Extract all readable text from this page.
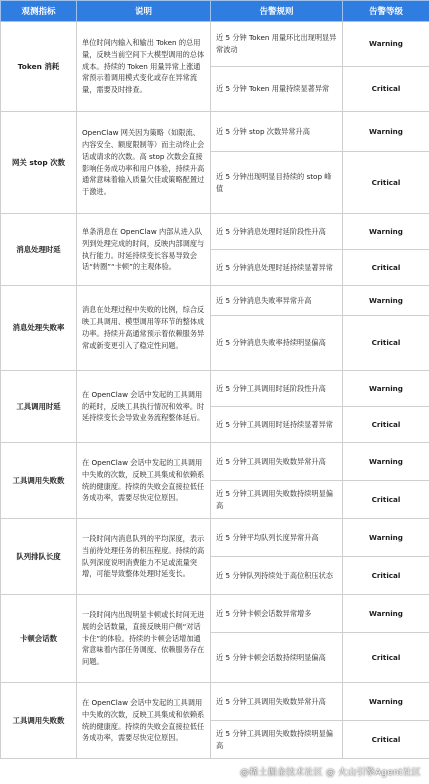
观测指标	说明	告警规则	告警等级
Token 消耗	单位时间内输入和输出 Token 的总用量，反映当前空间下大模型调用的总体成本。持续的 Token 用量异常上涨通常预示着调用模式变化或存在异常流量，需要及时排查。	近 5 分钟 Token 用量环比出现明显异常波动	Warning
		近 5 分钟 Token 用量持续显著异常	Critical
网关 stop 次数	OpenClaw 网关因为策略（如限流、内容安全、额度限制等）而主动终止会话或请求的次数。高 stop 次数会直接影响任务成功率和用户体验，持续升高通常意味着输入质量欠佳或策略配置过于激进。	近 5 分钟 stop 次数异常升高	Warning
		近 5 分钟出现明显目持续的 stop 峰值	Critical
消息处理时延	单条消息在 OpenClaw 内部从进入队列到处理完成的时间，反映内部调度与执行能力。时延持续变长容易导致会话“转圈”“卡顿”的主观体验。	近 5 分钟消息处理时延阶段性升高	Warning
		近 5 分钟消息处理时延持续显著异常	Critical
消息处理失败率	消息在处理过程中失败的比例，综合反映工具调用、模型调用等环节的整体成功率。持续升高通常预示着依赖服务异常或新变更引入了稳定性问题。	近 5 分钟消息失败率异常升高	Warning
		近 5 分钟消息失败率持续明显偏高	Critical
工具调用时延	在 OpenClaw 会话中发起的工具调用的耗时，反映工具执行情况和效率。时延持续变长会导致业务流程整体延后。	近 5 分钟工具调用时延阶段性升高	Warning
		近 5 分钟工具调用时延持续显著异常	Critical
工具调用失败数	在 OpenClaw 会话中发起的工具调用中失败的次数，反映工具集成和依赖系统的健康度。持续的失败会直接拉低任务成功率，需要尽快定位原因。	近 5 分钟工具调用失败数异常升高	Warning
		近 5 分钟工具调用失败数持续明显偏高	Critical
队列排队长度	一段时间内消息队列的平均深度，表示当前待处理任务的积压程度。持续的高队列深度说明消费能力不足或流量突增，可能导致整体处理时延变长。	近 5 分钟平均队列长度异常升高	Warning
		近 5 分钟队列持续处于高位积压状态	Critical
卡顿会话数	一段时间内出现明显卡顿或长时间无进展的会话数量，直接反映用户侧“对话卡住”的体验。持续的卡顿会话增加通常意味着内部任务调度、依赖服务存在问题。	近 5 分钟卡顿会话数异常增多	Warning
		近 5 分钟卡顿会话数持续明显偏高	Critical
工具调用失败数	在 OpenClaw 会话中发起的工具调用中失败的次数，反映工具集成和依赖系统的健康度。持续的失败会直接拉低任务成功率，需要尽快定位原因。	近 5 分钟工具调用失败数异常升高	Warning
		近 5 分钟工具调用失败数持续明显偏高	Critical
@稀土掘金技术社区 @ 火山引擎Agent社区
